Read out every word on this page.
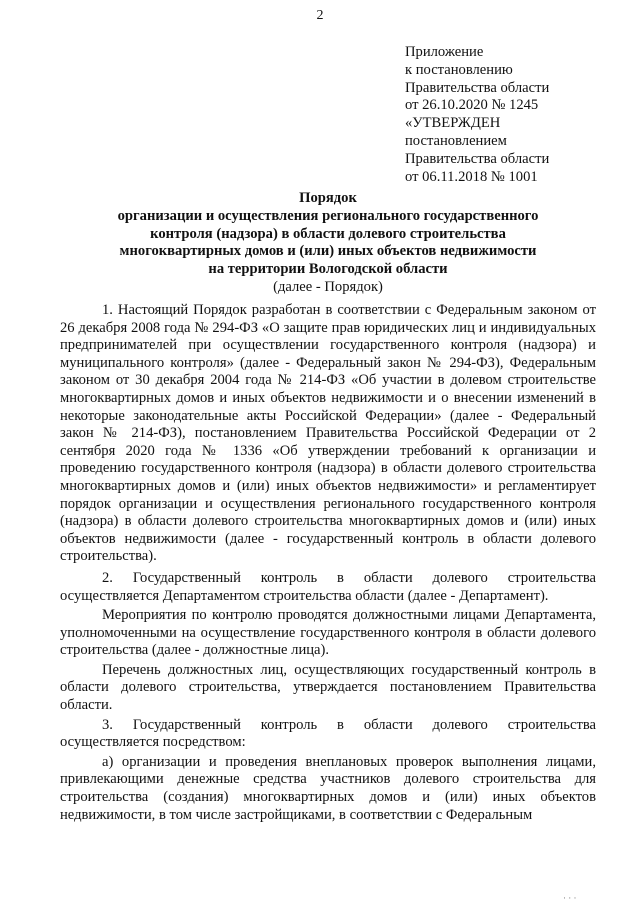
2
Приложение
к постановлению
Правительства области
от 26.10.2020 № 1245
«УТВЕРЖДЕН
постановлением
Правительства области
от 06.11.2018 № 1001
Порядок
организации и осуществления регионального государственного
контроля (надзора) в области долевого строительства
многоквартирных домов и (или) иных объектов недвижимости
на территории Вологодской области
(далее - Порядок)

1. Настоящий Порядок разработан в соответствии с Федеральным законом от 26 декабря 2008 года № 294-ФЗ «О защите прав юридических лиц и индивидуальных предпринимателей при осуществлении государственного контроля (надзора) и муниципального контроля» (далее - Федеральный закон № 294-ФЗ), Федеральным законом от 30 декабря 2004 года № 214-ФЗ «Об участии в долевом строительстве многоквартирных домов и иных объектов недвижимости и о внесении изменений в некоторые законодательные акты Российской Федерации» (далее - Федеральный закон № 214-ФЗ), постановлением Правительства Российской Федерации от 2 сентября 2020 года № 1336 «Об утверждении требований к организации и проведению государственного контроля (надзора) в области долевого строительства многоквартирных домов и (или) иных объектов недвижимости» и регламентирует порядок организации и осуществления регионального государственного контроля (надзора) в области долевого строительства многоквартирных домов и (или) иных объектов недвижимости (далее - государственный контроль в области долевого строительства).

2. Государственный контроль в области долевого строительства осуществляется Департаментом строительства области (далее - Департамент).

Мероприятия по контролю проводятся должностными лицами Департамента, уполномоченными на осуществление государственного контроля в области долевого строительства (далее - должностные лица).

Перечень должностных лиц, осуществляющих государственный контроль в области долевого строительства, утверждается постановлением Правительства области.

3. Государственный контроль в области долевого строительства осуществляется посредством:

а) организации и проведения внеплановых проверок выполнения лицами, привлекающими денежные средства участников долевого строительства для строительства (создания) многоквартирных домов и (или) иных объектов недвижимости, в том числе застройщиками, в соответствии с Федеральным

· · ·
